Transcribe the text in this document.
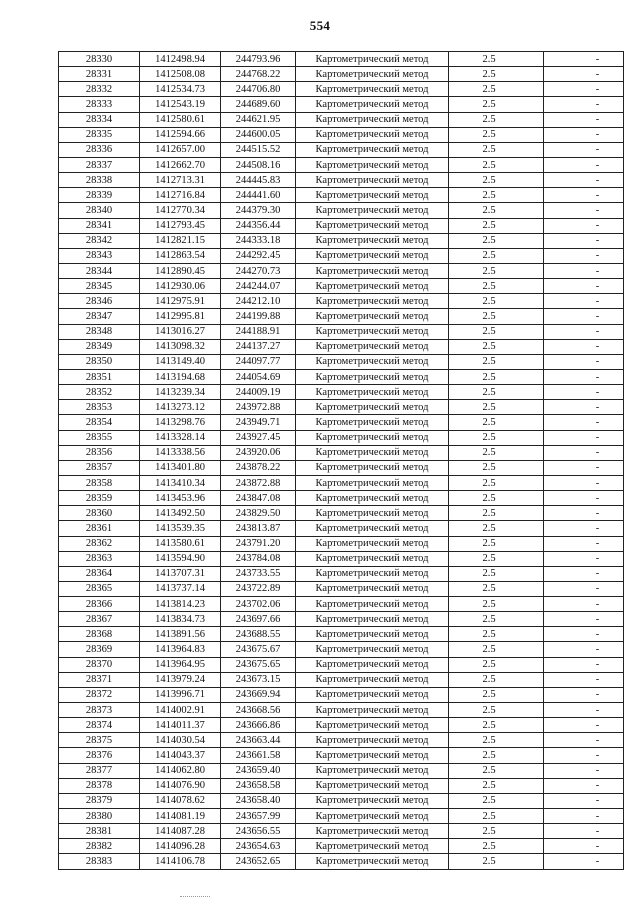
554
28330	1412498.94	244793.96	Картометрический метод	2.5	-
28331	1412508.08	244768.22	Картометрический метод	2.5	-
28332	1412534.73	244706.80	Картометрический метод	2.5	-
28333	1412543.19	244689.60	Картометрический метод	2.5	-
28334	1412580.61	244621.95	Картометрический метод	2.5	-
28335	1412594.66	244600.05	Картометрический метод	2.5	-
28336	1412657.00	244515.52	Картометрический метод	2.5	-
28337	1412662.70	244508.16	Картометрический метод	2.5	-
28338	1412713.31	244445.83	Картометрический метод	2.5	-
28339	1412716.84	244441.60	Картометрический метод	2.5	-
28340	1412770.34	244379.30	Картометрический метод	2.5	-
28341	1412793.45	244356.44	Картометрический метод	2.5	-
28342	1412821.15	244333.18	Картометрический метод	2.5	-
28343	1412863.54	244292.45	Картометрический метод	2.5	-
28344	1412890.45	244270.73	Картометрический метод	2.5	-
28345	1412930.06	244244.07	Картометрический метод	2.5	-
28346	1412975.91	244212.10	Картометрический метод	2.5	-
28347	1412995.81	244199.88	Картометрический метод	2.5	-
28348	1413016.27	244188.91	Картометрический метод	2.5	-
28349	1413098.32	244137.27	Картометрический метод	2.5	-
28350	1413149.40	244097.77	Картометрический метод	2.5	-
28351	1413194.68	244054.69	Картометрический метод	2.5	-
28352	1413239.34	244009.19	Картометрический метод	2.5	-
28353	1413273.12	243972.88	Картометрический метод	2.5	-
28354	1413298.76	243949.71	Картометрический метод	2.5	-
28355	1413328.14	243927.45	Картометрический метод	2.5	-
28356	1413338.56	243920.06	Картометрический метод	2.5	-
28357	1413401.80	243878.22	Картометрический метод	2.5	-
28358	1413410.34	243872.88	Картометрический метод	2.5	-
28359	1413453.96	243847.08	Картометрический метод	2.5	-
28360	1413492.50	243829.50	Картометрический метод	2.5	-
28361	1413539.35	243813.87	Картометрический метод	2.5	-
28362	1413580.61	243791.20	Картометрический метод	2.5	-
28363	1413594.90	243784.08	Картометрический метод	2.5	-
28364	1413707.31	243733.55	Картометрический метод	2.5	-
28365	1413737.14	243722.89	Картометрический метод	2.5	-
28366	1413814.23	243702.06	Картометрический метод	2.5	-
28367	1413834.73	243697.66	Картометрический метод	2.5	-
28368	1413891.56	243688.55	Картометрический метод	2.5	-
28369	1413964.83	243675.67	Картометрический метод	2.5	-
28370	1413964.95	243675.65	Картометрический метод	2.5	-
28371	1413979.24	243673.15	Картометрический метод	2.5	-
28372	1413996.71	243669.94	Картометрический метод	2.5	-
28373	1414002.91	243668.56	Картометрический метод	2.5	-
28374	1414011.37	243666.86	Картометрический метод	2.5	-
28375	1414030.54	243663.44	Картометрический метод	2.5	-
28376	1414043.37	243661.58	Картометрический метод	2.5	-
28377	1414062.80	243659.40	Картометрический метод	2.5	-
28378	1414076.90	243658.58	Картометрический метод	2.5	-
28379	1414078.62	243658.40	Картометрический метод	2.5	-
28380	1414081.19	243657.99	Картометрический метод	2.5	-
28381	1414087.28	243656.55	Картометрический метод	2.5	-
28382	1414096.28	243654.63	Картометрический метод	2.5	-
28383	1414106.78	243652.65	Картометрический метод	2.5	-
